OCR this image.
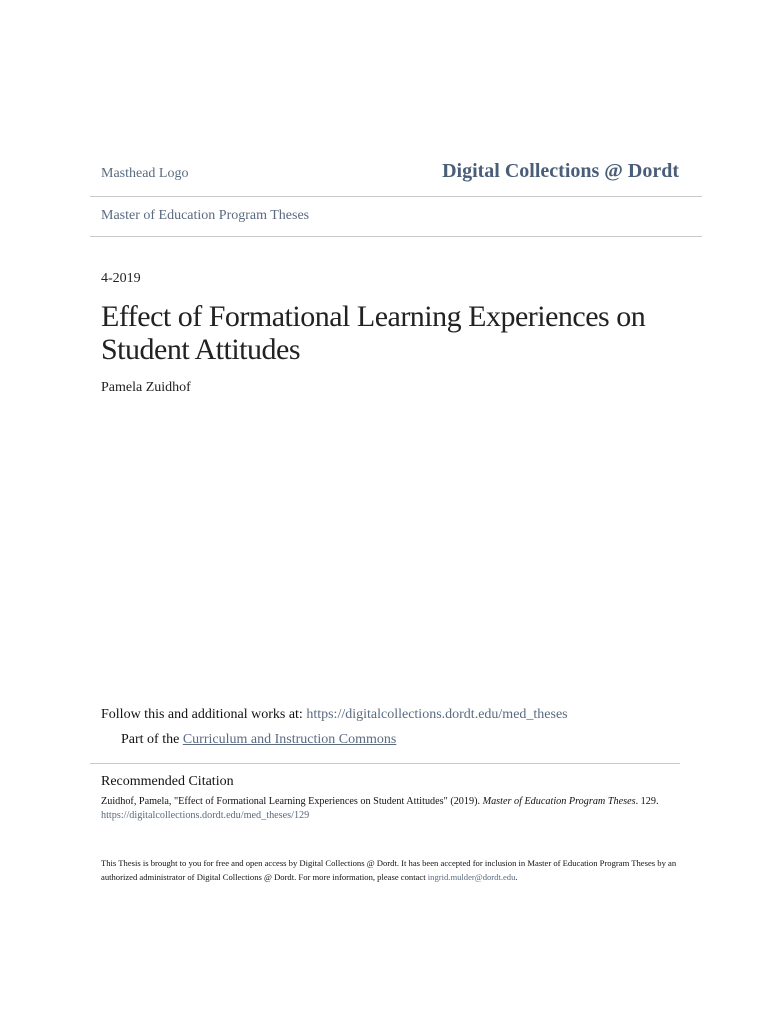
Masthead Logo	Digital Collections @ Dordt
Master of Education Program Theses
4-2019
Effect of Formational Learning Experiences on
Student Attitudes
Pamela Zuidhof
Follow this and additional works at: https://digitalcollections.dordt.edu/med_theses
Part of the Curriculum and Instruction Commons
Recommended Citation
Zuidhof, Pamela, "Effect of Formational Learning Experiences on Student Attitudes" (2019). Master of Education Program Theses. 129.
https://digitalcollections.dordt.edu/med_theses/129
This Thesis is brought to you for free and open access by Digital Collections @ Dordt. It has been accepted for inclusion in Master of Education Program Theses by an authorized administrator of Digital Collections @ Dordt. For more information, please contact ingrid.mulder@dordt.edu.
